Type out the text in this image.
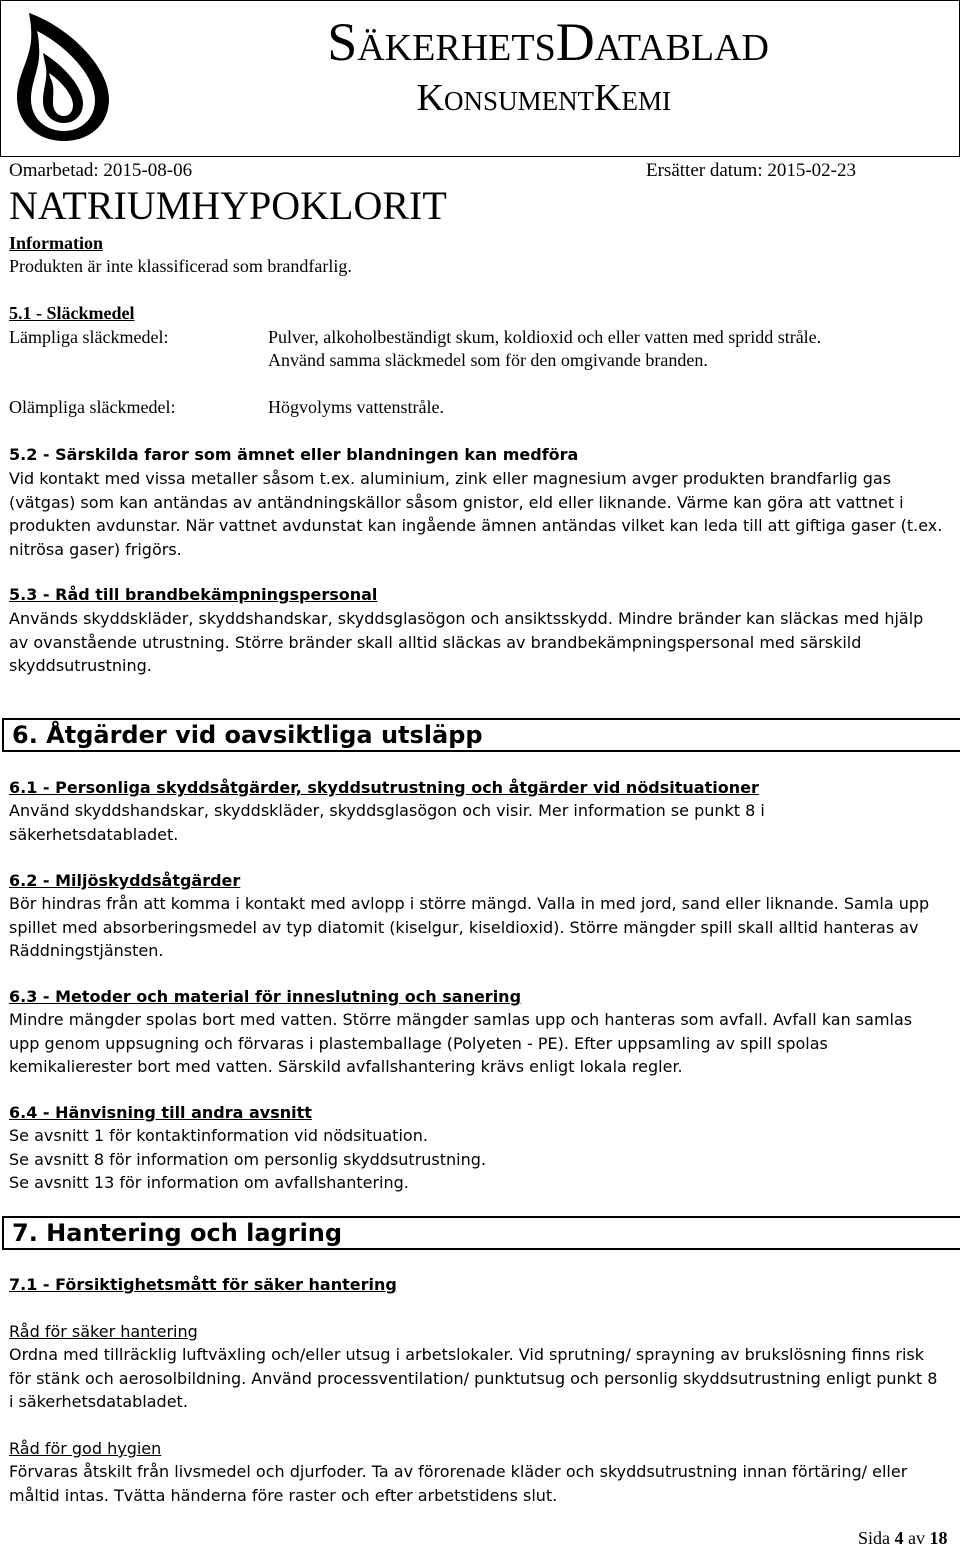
SäkerhetsDatablad
KonsumentKemi
Omarbetad: 2015-08-06	Ersätter datum: 2015-02-23
NATRIUMHYPOKLORIT
Information
Produkten är inte klassificerad som brandfarlig.
5.1 - Släckmedel
Lämpliga släckmedel:	Pulver, alkoholbeständigt skum, koldioxid och eller vatten med spridd stråle.
Använd samma släckmedel som för den omgivande branden.
Olämpliga släckmedel:	Högvolyms vattenstråle.
5.2 - Särskilda faror som ämnet eller blandningen kan medföra
Vid kontakt med vissa metaller såsom t.ex. aluminium, zink eller magnesium avger produkten brandfarlig gas
(vätgas) som kan antändas av antändningskällor såsom gnistor, eld eller liknande. Värme kan göra att vattnet i
produkten avdunstar. När vattnet avdunstat kan ingående ämnen antändas vilket kan leda till att giftiga gaser (t.ex.
nitrösa gaser) frigörs.
5.3 - Råd till brandbekämpningspersonal
Används skyddskläder, skyddshandskar, skyddsglasögon och ansiktsskydd. Mindre bränder kan släckas med hjälp
av ovanstående utrustning. Större bränder skall alltid släckas av brandbekämpningspersonal med särskild
skyddsutrustning.
6. Åtgärder vid oavsiktliga utsläpp
6.1 - Personliga skyddsåtgärder, skyddsutrustning och åtgärder vid nödsituationer
Använd skyddshandskar, skyddskläder, skyddsglasögon och visir. Mer information se punkt 8 i
säkerhetsdatabladet.
6.2 - Miljöskyddsåtgärder
Bör hindras från att komma i kontakt med avlopp i större mängd. Valla in med jord, sand eller liknande. Samla upp
spillet med absorberingsmedel av typ diatomit (kiselgur, kiseldioxid). Större mängder spill skall alltid hanteras av
Räddningstjänsten.
6.3 - Metoder och material för inneslutning och sanering
Mindre mängder spolas bort med vatten. Större mängder samlas upp och hanteras som avfall. Avfall kan samlas
upp genom uppsugning och förvaras i plastemballage (Polyeten - PE). Efter uppsamling av spill spolas
kemikalierester bort med vatten. Särskild avfallshantering krävs enligt lokala regler.
6.4 - Hänvisning till andra avsnitt
Se avsnitt 1 för kontaktinformation vid nödsituation.
Se avsnitt 8 för information om personlig skyddsutrustning.
Se avsnitt 13 för information om avfallshantering.
7. Hantering och lagring
7.1 - Försiktighetsmått för säker hantering
Råd för säker hantering
Ordna med tillräcklig luftväxling och/eller utsug i arbetslokaler. Vid sprutning/ sprayning av brukslösning finns risk
för stänk och aerosolbildning. Använd processventilation/ punktutsug och personlig skyddsutrustning enligt punkt 8
i säkerhetsdatabladet.
Råd för god hygien
Förvaras åtskilt från livsmedel och djurfoder. Ta av förorenade kläder och skyddsutrustning innan förtäring/ eller
måltid intas. Tvätta händerna före raster och efter arbetstidens slut.
Sida 4 av 18
